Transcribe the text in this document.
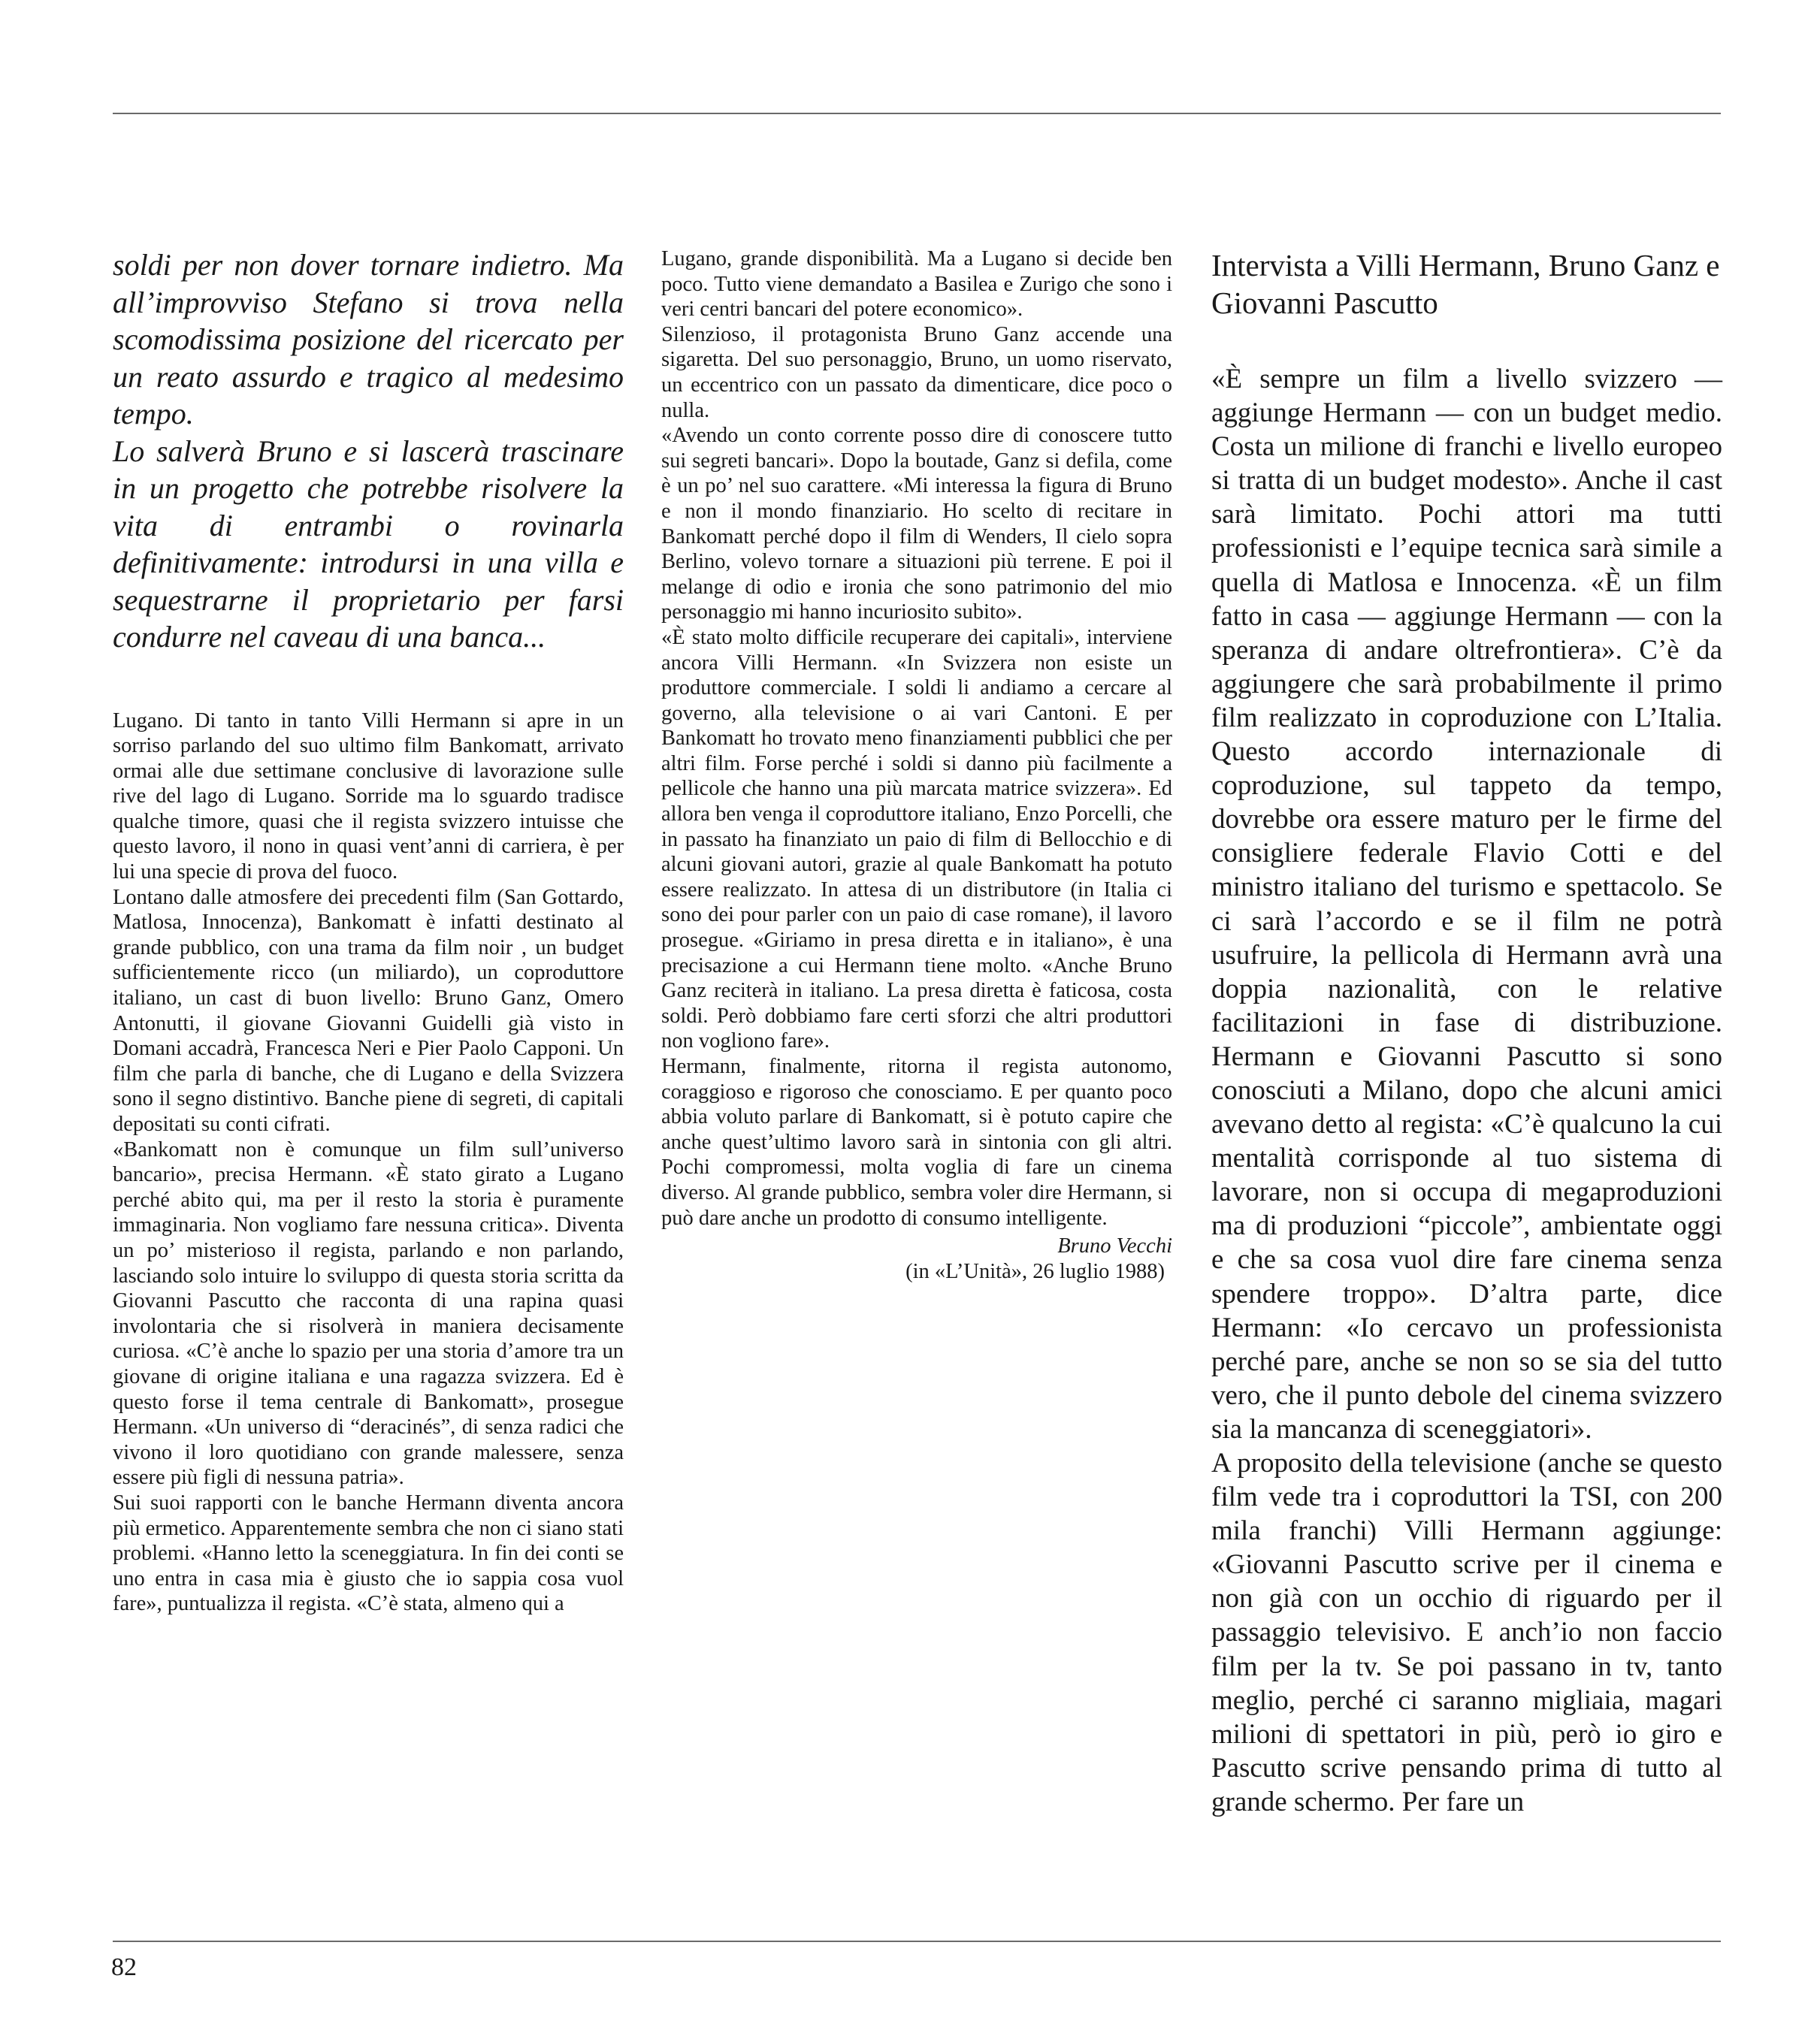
soldi per non dover tornare indietro. Ma all’improvviso Stefano si trova nella scomodissima posizione del ricercato per un reato assurdo e tragico al medesimo tempo.

Lo salverà Bruno e si lascerà trascinare in un progetto che potrebbe risolvere la vita di entrambi o rovinarla definitivamente: introdursi in una villa e sequestrarne il proprietario per farsi condurre nel caveau di una banca...

Lugano. Di tanto in tanto Villi Hermann si apre in un sorriso parlando del suo ultimo film Bankomatt, arrivato ormai alle due settimane conclusive di lavorazione sulle rive del lago di Lugano. Sorride ma lo sguardo tradisce qualche timore, quasi che il regista svizzero intuisse che questo lavoro, il nono in quasi vent’anni di carriera, è per lui una specie di prova del fuoco.

Lontano dalle atmosfere dei precedenti film (San Gottardo, Matlosa, Innocenza), Bankomatt è infatti destinato al grande pubblico, con una trama da film noir , un budget sufficientemente ricco (un miliardo), un coproduttore italiano, un cast di buon livello: Bruno Ganz, Omero Antonutti, il giovane Giovanni Guidelli già visto in Domani accadrà, Francesca Neri e Pier Paolo Capponi. Un film che parla di banche, che di Lugano e della Svizzera sono il segno distintivo. Banche piene di segreti, di capitali depositati su conti cifrati.

«Bankomatt non è comunque un film sull’universo bancario», precisa Hermann. «È stato girato a Lugano perché abito qui, ma per il resto la storia è puramente immaginaria. Non vogliamo fare nessuna critica». Diventa un po’ misterioso il regista, parlando e non parlando, lasciando solo intuire lo sviluppo di questa storia scritta da Giovanni Pascutto che racconta di una rapina quasi involontaria che si risolverà in maniera decisamente curiosa. «C’è anche lo spazio per una storia d’amore tra un giovane di origine italiana e una ragazza svizzera. Ed è questo forse il tema centrale di Bankomatt», prosegue Hermann. «Un universo di “deracinés”, di senza radici che vivono il loro quotidiano con grande malessere, senza essere più figli di nessuna patria».

Sui suoi rapporti con le banche Hermann diventa ancora più ermetico. Apparentemente sembra che non ci siano stati problemi. «Hanno letto la sceneggiatura. In fin dei conti se uno entra in casa mia è giusto che io sappia cosa vuol fare», puntualizza il regista. «C’è stata, almeno qui a

Lugano, grande disponibilità. Ma a Lugano si decide ben poco. Tutto viene demandato a Basilea e Zurigo che sono i veri centri bancari del potere economico».

Silenzioso, il protagonista Bruno Ganz accende una sigaretta. Del suo personaggio, Bruno, un uomo riservato, un eccentrico con un passato da dimenticare, dice poco o nulla.

«Avendo un conto corrente posso dire di conoscere tutto sui segreti bancari». Dopo la boutade, Ganz si defila, come è un po’ nel suo carattere. «Mi interessa la figura di Bruno e non il mondo finanziario. Ho scelto di recitare in Bankomatt perché dopo il film di Wenders, Il cielo sopra Berlino, volevo tornare a situazioni più terrene. E poi il melange di odio e ironia che sono patrimonio del mio personaggio mi hanno incuriosito subito».

«È stato molto difficile recuperare dei capitali», interviene ancora Villi Hermann. «In Svizzera non esiste un produttore commerciale. I soldi li andiamo a cercare al governo, alla televisione o ai vari Cantoni. E per Bankomatt ho trovato meno finanziamenti pubblici che per altri film. Forse perché i soldi si danno più facilmente a pellicole che hanno una più marcata matrice svizzera». Ed allora ben venga il coproduttore italiano, Enzo Porcelli, che in passato ha finanziato un paio di film di Bellocchio e di alcuni giovani autori, grazie al quale Bankomatt ha potuto essere realizzato. In attesa di un distributore (in Italia ci sono dei pour parler con un paio di case romane), il lavoro prosegue. «Giriamo in presa diretta e in italiano», è una precisazione a cui Hermann tiene molto. «Anche Bruno Ganz reciterà in italiano. La presa diretta è faticosa, costa soldi. Però dobbiamo fare certi sforzi che altri produttori non vogliono fare».

Hermann, finalmente, ritorna il regista autonomo, coraggioso e rigoroso che conosciamo. E per quanto poco abbia voluto parlare di Bankomatt, si è potuto capire che anche quest’ultimo lavoro sarà in sintonia con gli altri. Pochi compromessi, molta voglia di fare un cinema diverso. Al grande pubblico, sembra voler dire Hermann, si può dare anche un prodotto di consumo intelligente.

Bruno Vecchi
(in «L’Unità», 26 luglio 1988)
Intervista a Villi Hermann, Bruno Ganz e Giovanni Pascutto

«È sempre un film a livello svizzero — aggiunge Hermann — con un budget medio. Costa un milione di franchi e livello europeo si tratta di un budget modesto». Anche il cast sarà limitato. Pochi attori ma tutti professionisti e l’equipe tecnica sarà simile a quella di Matlosa e Innocenza. «È un film fatto in casa — aggiunge Hermann — con la speranza di andare oltrefrontiera». C’è da aggiungere che sarà probabilmente il primo film realizzato in coproduzione con L’Italia. Questo accordo internazionale di coproduzione, sul tappeto da tempo, dovrebbe ora essere maturo per le firme del consigliere federale Flavio Cotti e del ministro italiano del turismo e spettacolo. Se ci sarà l’accordo e se il film ne potrà usufruire, la pellicola di Hermann avrà una doppia nazionalità, con le relative facilitazioni in fase di distribuzione. Hermann e Giovanni Pascutto si sono conosciuti a Milano, dopo che alcuni amici avevano detto al regista: «C’è qualcuno la cui mentalità corrisponde al tuo sistema di lavorare, non si occupa di megaproduzioni ma di produzioni “piccole”, ambientate oggi e che sa cosa vuol dire fare cinema senza spendere troppo». D’altra parte, dice Hermann: «Io cercavo un professionista perché pare, anche se non so se sia del tutto vero, che il punto debole del cinema svizzero sia la mancanza di sceneggiatori».

A proposito della televisione (anche se questo film vede tra i coproduttori la TSI, con 200 mila franchi) Villi Hermann aggiunge: «Giovanni Pascutto scrive per il cinema e non già con un occhio di riguardo per il passaggio televisivo. E anch’io non faccio film per la tv. Se poi passano in tv, tanto meglio, perché ci saranno migliaia, magari milioni di spettatori in più, però io giro e Pascutto scrive pensando prima di tutto al grande schermo. Per fare un

82
